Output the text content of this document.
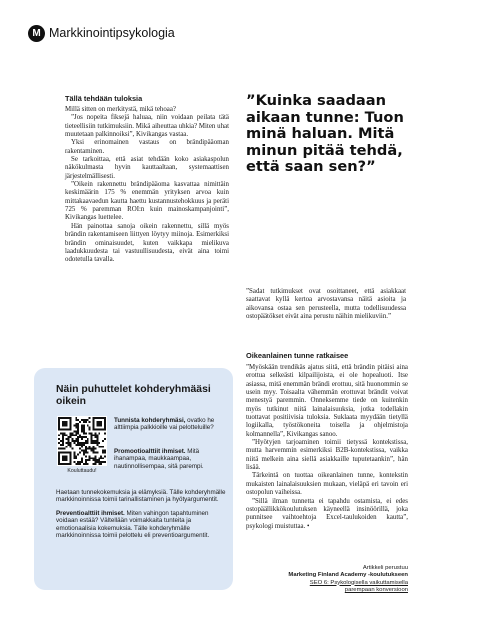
M Markkinointipsykologia
Tällä tehdään tuloksia

Millä sitten on merkitystä, mikä tehoaa?

”Jos nopeita fiksejä haluaa, niin voidaan peilata tätä tieteellisiin tutkimuksiin. Mikä aiheuttaa uhkia? Miten uhat muutetaan palkinnoiksi”, Kivikangas vastaa.

Yksi erinomainen vastaus on brändipääoman rakentaminen.

Se tarkoittaa, että asiat tehdään koko asiakaspolun näkökulmasta hyvin kauttaaltaan, systemaattisen järjestelmällisesti.

”Oikein rakennettu brändipääoma kasvattaa nimittäin keskimäärin 175 % enemmän yrityksen arvoa kuin mittakaavaedun kautta haettu kustannustehokkuus ja peräti 725 % paremman ROI:n kuin mainoskampanjointi”, Kivikangas luettelee.

Hän painottaa sanoja oikein rakennettu, sillä myös brändin rakentamiseen liittyen löytyy miinoja. Esimerkiksi brändin ominaisuudet, kuten vaikkapa mielikuva laadukkuudesta tai vastuullisuudesta, eivät aina toimi odotetulla tavalla.

”Kuinka saadaan aikaan tunne: Tuon minä haluan. Mitä minun pitää tehdä, että saan sen?”

”Sadat tutkimukset ovat osoittaneet, että asiakkaat saattavat kyllä kertoa arvostavansa näitä asioita ja aikovansa ostaa sen perusteella, mutta todellisuudessa ostopäätökset eivät aina perustu näihin mielikuviin.”

Oikeanlainen tunne ratkaisee

”Myöskään trendikäs ajatus siitä, että brändin pitäisi aina erottua selkeästi kilpailijoista, ei ole hopealuoti. Itse asiassa, mitä enemmän brändi erottuu, sitä huonommin se usein myy. Toisaalta vähemmän erottuvat brändit voivat menestyä paremmin. Onneksemme tiede on kuitenkin myös tutkinut niitä lainalaisuuksia, jotka todellakin tuottavat positiivisia tuloksia. Suklaata myydään tietyllä logiikalla, työstökoneita toisella ja ohjelmistoja kolmannella”, Kivikangas sanoo.

”Hyötyjen tarjoaminen toimii tietyssä kontekstissa, mutta harvemmin esimerkiksi B2B-kontekstissa, vaikka niitä melkein aina siellä asiakkaille tuputetaankin”, hän lisää.

Tärkeintä on tuottaa oikeanlainen tunne, kontekstin mukaisten lainalaisuuksien mukaan, vieläpä eri tavoin eri ostopolun vaiheissa.

”Sillä ilman tunnetta ei tapahdu ostamista, ei edes ostopäällikkökoulutuksen käyneellä insinöörillä, joka punnitsee vaihtoehtoja Excel-taulukoiden kautta”, psykologi muistuttaa. •

Artikkeli perustuu
Marketing Finland Academy -koulutukseen
SEO 6: Psykologisella vaikuttamisella
parempaan konversioon
Näin puhuttelet kohderyhmääsi oikein
Kouluttaudu!
Tunnista kohderyhmäsi, ovatko he alttiimpia palkkioille vai pelotteluille?
Promootioalttiit ihmiset. Mitä ihanampaa, maukkaampaa, nautinnollisempaa, sitä parempi.
Haetaan tunnekokemuksia ja elämyksiä. Tälle kohderyhmälle markkinoinnissa toimii tarinallistaminen ja hyötyargumentit.
Preventioalttiit ihmiset. Miten vahingon tapahtuminen voidaan estää? Vältellään voimakkaita tunteita ja emotionaalisia kokemuksia. Tälle kohderyhmälle markkinoinnissa toimii pelottelu eli preventioargumentit.
